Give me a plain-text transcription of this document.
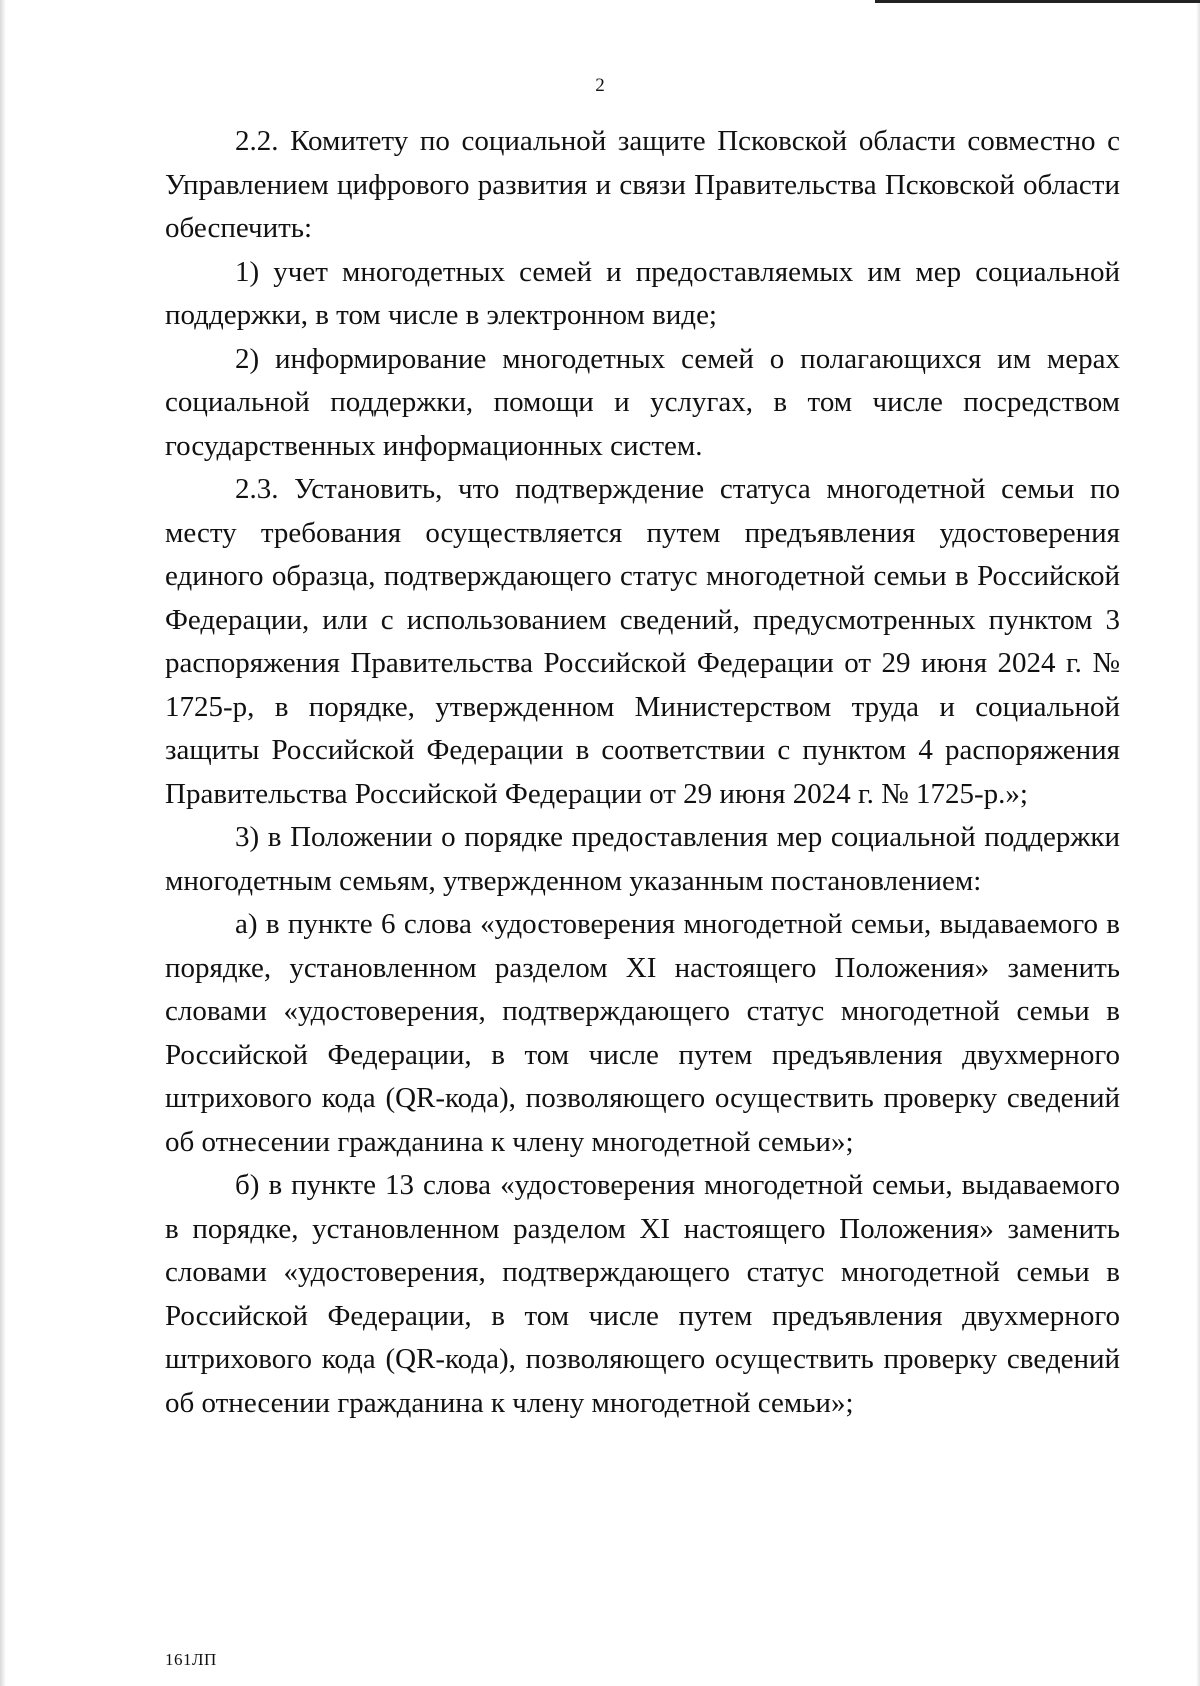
2

2.2. Комитету по социальной защите Псковской области совместно с Управлением цифрового развития и связи Правительства Псковской области обеспечить:

1) учет многодетных семей и предоставляемых им мер социальной поддержки, в том числе в электронном виде;

2) информирование многодетных семей о полагающихся им мерах социальной поддержки, помощи и услугах, в том числе посредством государственных информационных систем.

2.3. Установить, что подтверждение статуса многодетной семьи по месту требования осуществляется путем предъявления удостоверения единого образца, подтверждающего статус многодетной семьи в Российской Федерации, или с использованием сведений, предусмотренных пунктом 3 распоряжения Правительства Российской Федерации от 29 июня 2024 г. № 1725-р, в порядке, утвержденном Министерством труда и социальной защиты Российской Федерации в соответствии с пунктом 4 распоряжения Правительства Российской Федерации от 29 июня 2024 г. № 1725-р.»;

3) в Положении о порядке предоставления мер социальной поддержки многодетным семьям, утвержденном указанным постановлением:

а) в пункте 6 слова «удостоверения многодетной семьи, выдаваемого в порядке, установленном разделом XI настоящего Положения» заменить словами «удостоверения, подтверждающего статус многодетной семьи в Российской Федерации, в том числе путем предъявления двухмерного штрихового кода (QR-кода), позволяющего осуществить проверку сведений об отнесении гражданина к члену многодетной семьи»;

б) в пункте 13 слова «удостоверения многодетной семьи, выдаваемого в порядке, установленном разделом XI настоящего Положения» заменить словами «удостоверения, подтверждающего статус многодетной семьи в Российской Федерации, в том числе путем предъявления двухмерного штрихового кода (QR-кода), позволяющего осуществить проверку сведений об отнесении гражданина к члену многодетной семьи»;

161ЛП
